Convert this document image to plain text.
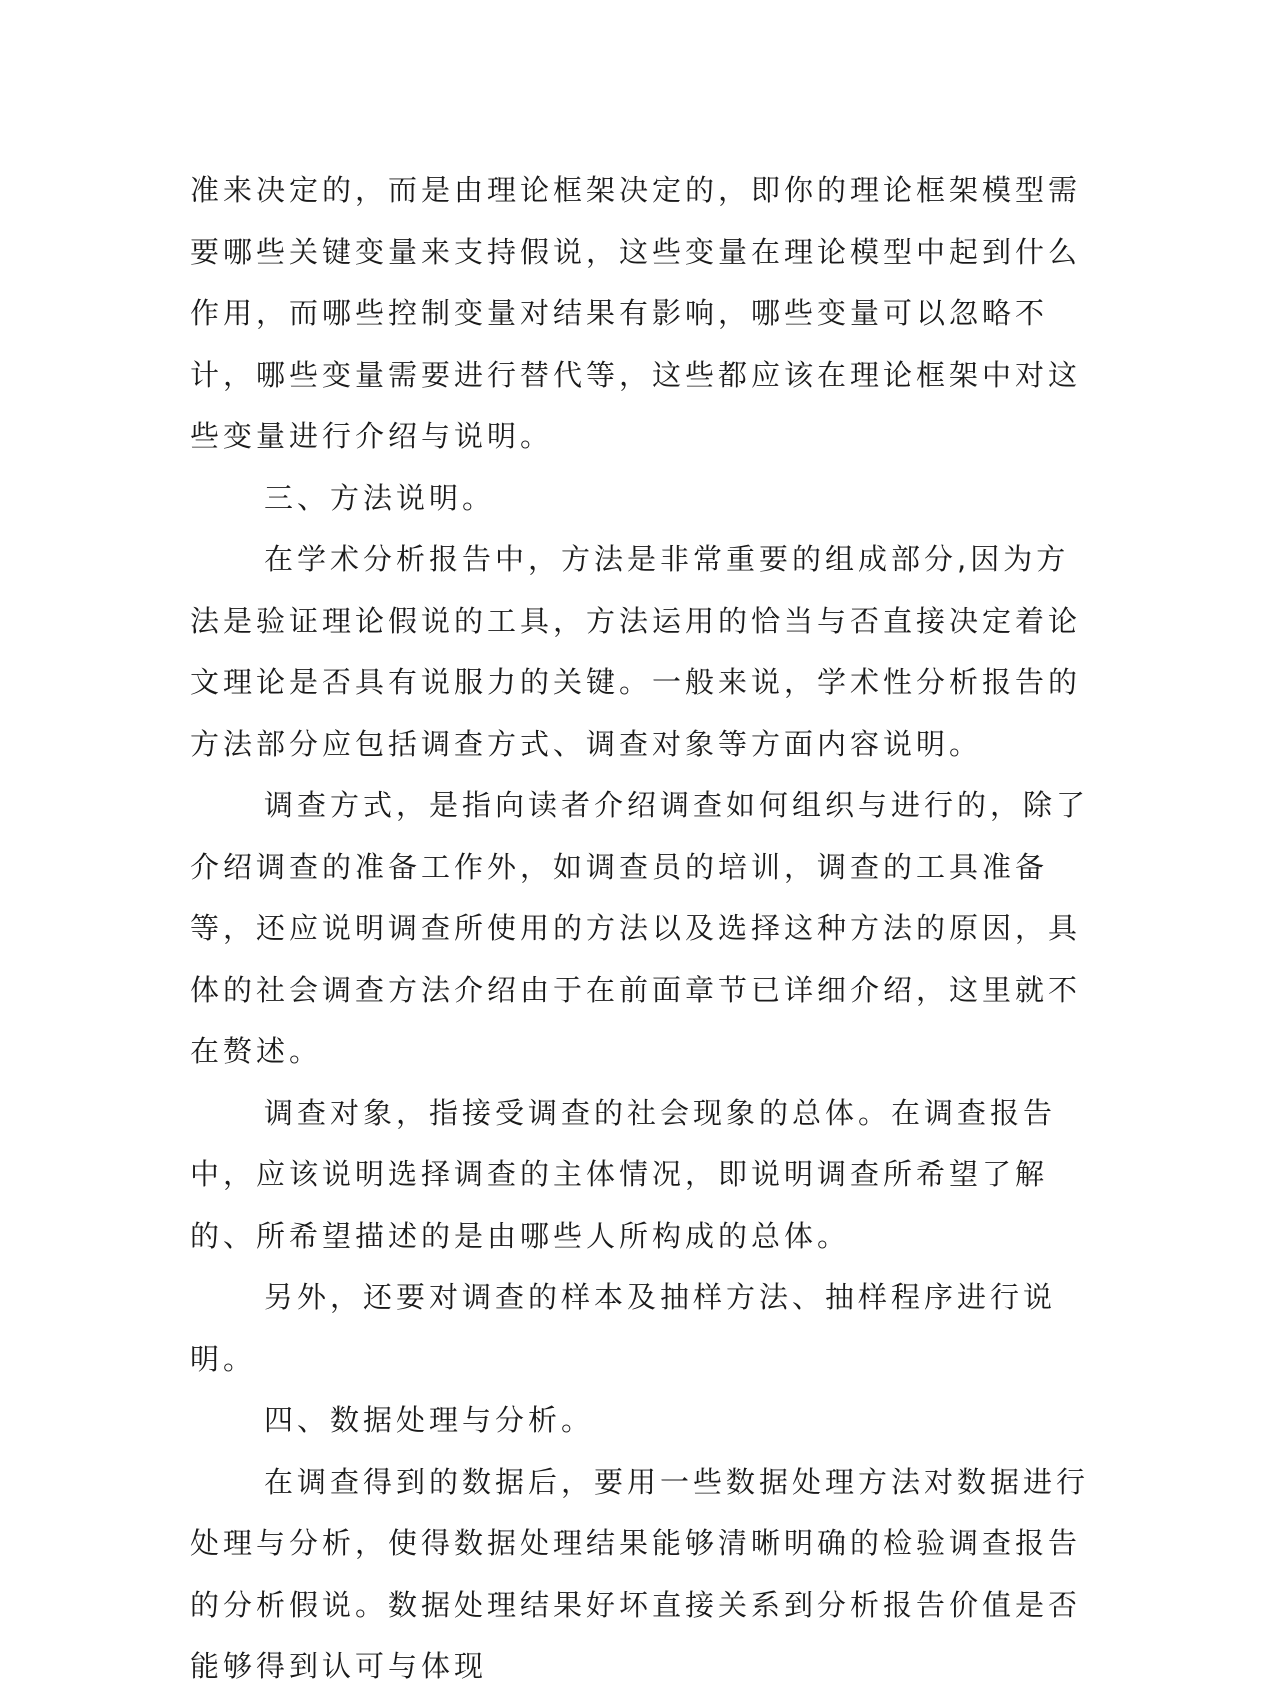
准来决定的，而是由理论框架决定的，即你的理论框架模型需要哪些关键变量来支持假说，这些变量在理论模型中起到什么作用，而哪些控制变量对结果有影响，哪些变量可以忽略不计，哪些变量需要进行替代等，这些都应该在理论框架中对这些变量进行介绍与说明。

三、方法说明。

在学术分析报告中，方法是非常重要的组成部分,因为方法是验证理论假说的工具，方法运用的恰当与否直接决定着论文理论是否具有说服力的关键。一般来说，学术性分析报告的方法部分应包括调查方式、调查对象等方面内容说明。

调查方式，是指向读者介绍调查如何组织与进行的，除了介绍调查的准备工作外，如调查员的培训，调查的工具准备等，还应说明调查所使用的方法以及选择这种方法的原因，具体的社会调查方法介绍由于在前面章节已详细介绍，这里就不在赘述。

调查对象，指接受调查的社会现象的总体。在调查报告中，应该说明选择调查的主体情况，即说明调查所希望了解的、所希望描述的是由哪些人所构成的总体。

另外，还要对调查的样本及抽样方法、抽样程序进行说明。

四、数据处理与分析。

在调查得到的数据后，要用一些数据处理方法对数据进行处理与分析，使得数据处理结果能够清晰明确的检验调查报告的分析假说。数据处理结果好坏直接关系到分析报告价值是否能够得到认可与体现
